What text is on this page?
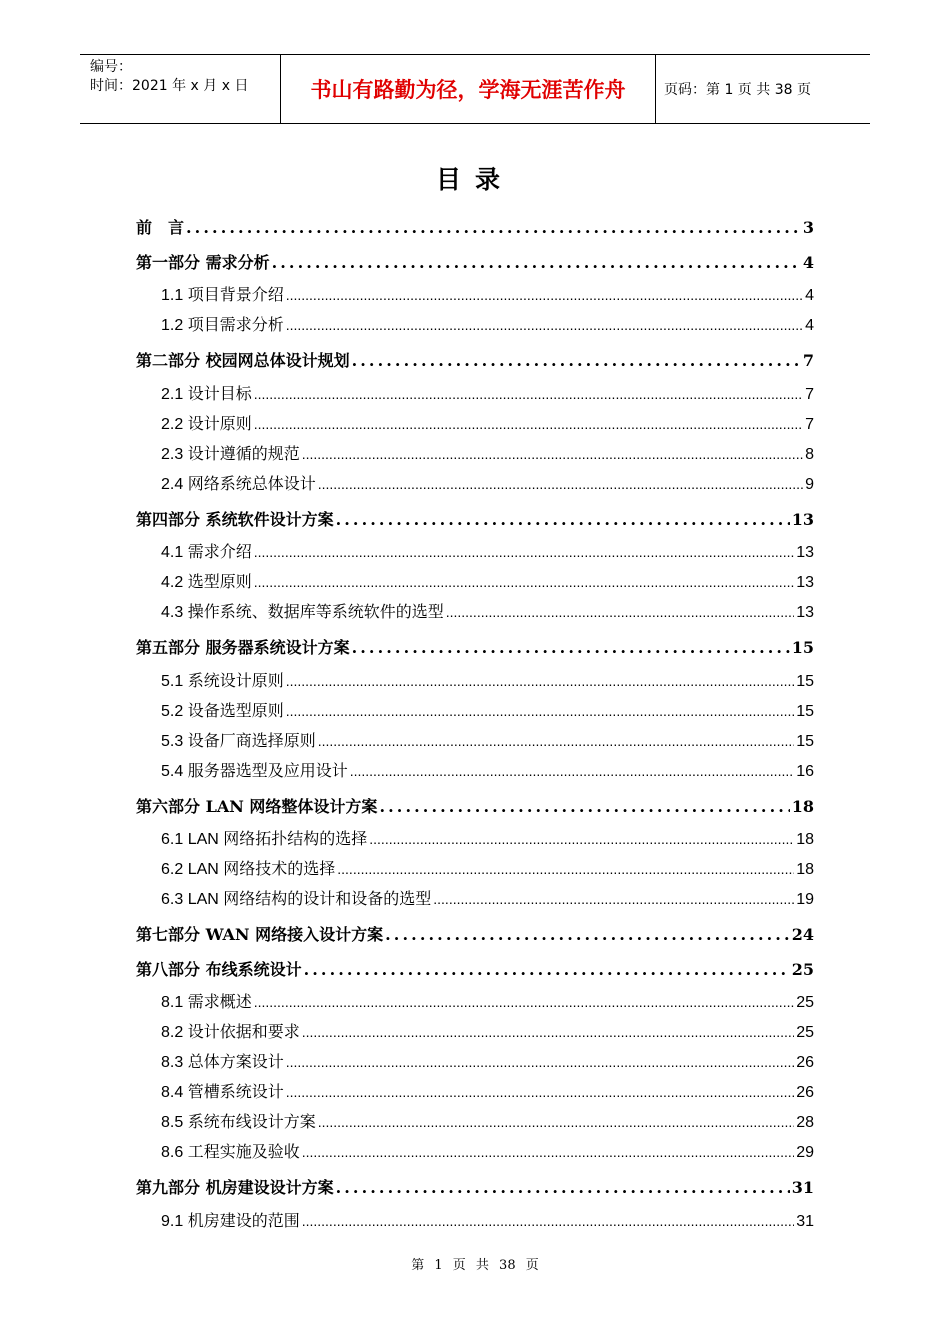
编号：
时间：2021 年 x 月 x 日	书山有路勤为径，学海无涯苦作舟	页码：第 1 页 共 38 页
目录
前　言 .....	3
第一部分 需求分析 .....	4
1.1 项目背景介绍 .....	4
1.2 项目需求分析 .....	4
第二部分 校园网总体设计规划 .....	7
2.1 设计目标 .....	7
2.2 设计原则 .....	7
2.3 设计遵循的规范 .....	8
2.4 网络系统总体设计 .....	9
第四部分 系统软件设计方案 .....	13
4.1 需求介绍 .....	13
4.2 选型原则 .....	13
4.3 操作系统、数据库等系统软件的选型 .....	13
第五部分 服务器系统设计方案 .....	15
5.1 系统设计原则 .....	15
5.2 设备选型原则 .....	15
5.3 设备厂商选择原则 .....	15
5.4 服务器选型及应用设计 .....	16
第六部分 LAN 网络整体设计方案 .....	18
6.1 LAN 网络拓扑结构的选择 .....	18
6.2 LAN 网络技术的选择 .....	18
6.3 LAN 网络结构的设计和设备的选型 .....	19
第七部分 WAN 网络接入设计方案 .....	24
第八部分 布线系统设计 .....	25
8.1 需求概述 .....	25
8.2 设计依据和要求 .....	25
8.3 总体方案设计 .....	26
8.4 管槽系统设计 .....	26
8.5 系统布线设计方案 .....	28
8.6 工程实施及验收 .....	29
第九部分 机房建设设计方案 .....	31
9.1 机房建设的范围 .....	31
第 1 页 共 38 页
